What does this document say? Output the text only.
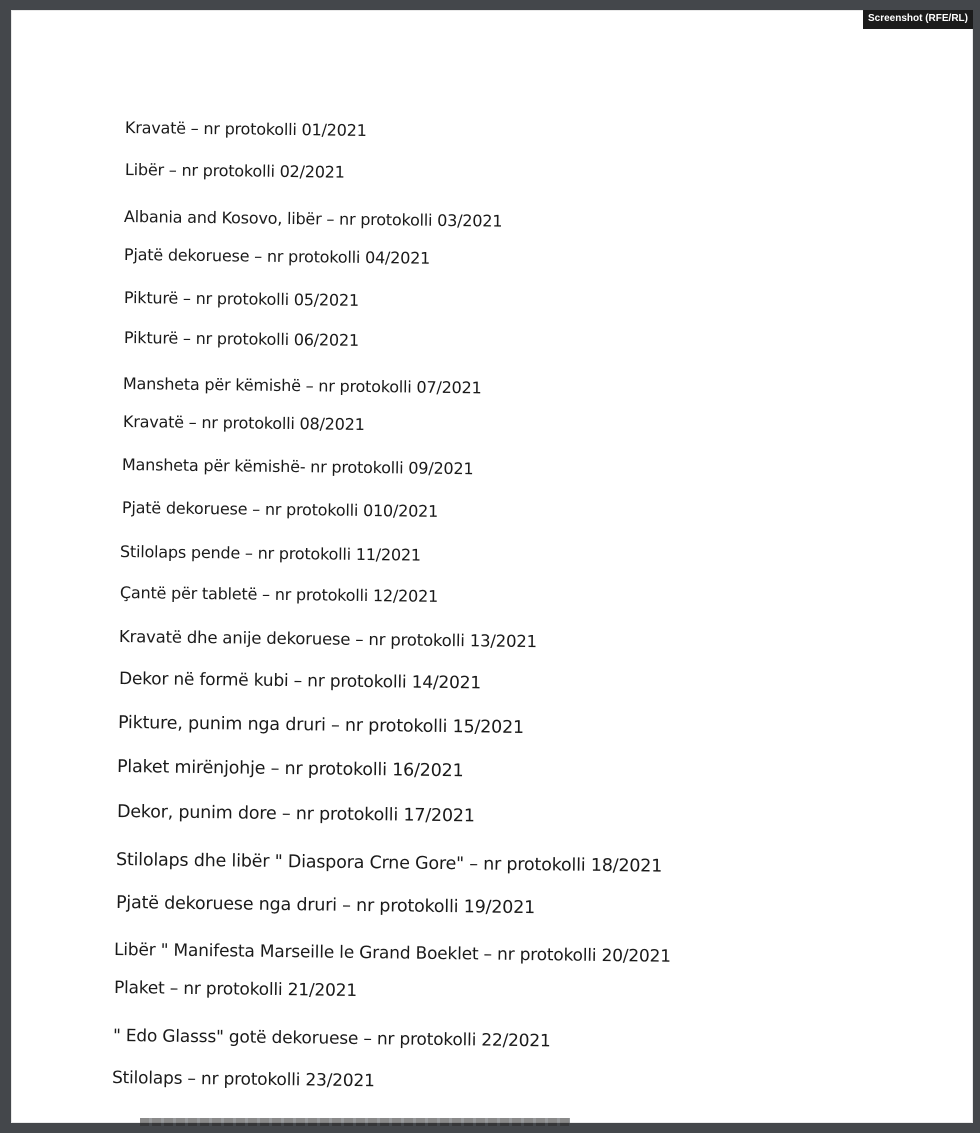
Kravatë – nr protokolli 01/2021
Libër – nr protokolli 02/2021
Albania and Kosovo, libër – nr protokolli 03/2021
Pjatë dekoruese – nr protokolli 04/2021
Pikturë – nr protokolli 05/2021
Pikturë – nr protokolli 06/2021
Mansheta për këmishë – nr protokolli 07/2021
Kravatë – nr protokolli 08/2021
Mansheta për këmishë- nr protokolli 09/2021
Pjatë dekoruese – nr protokolli 010/2021
Stilolaps pende – nr protokolli 11/2021
Çantë për tabletë – nr protokolli 12/2021
Kravatë dhe anije dekoruese – nr protokolli 13/2021
Dekor në formë kubi – nr protokolli 14/2021
Pikture, punim nga druri – nr protokolli 15/2021
Plaket mirënjohje – nr protokolli 16/2021
Dekor, punim dore – nr protokolli 17/2021
Stilolaps dhe libër " Diaspora Crne Gore" – nr protokolli 18/2021
Pjatë dekoruese nga druri – nr protokolli 19/2021
Libër " Manifesta Marseille le Grand Boeklet – nr protokolli 20/2021
Plaket – nr protokolli 21/2021
" Edo Glasss" gotë dekoruese – nr protokolli 22/2021
Stilolaps – nr protokolli 23/2021
Screenshot (RFE/RL)
